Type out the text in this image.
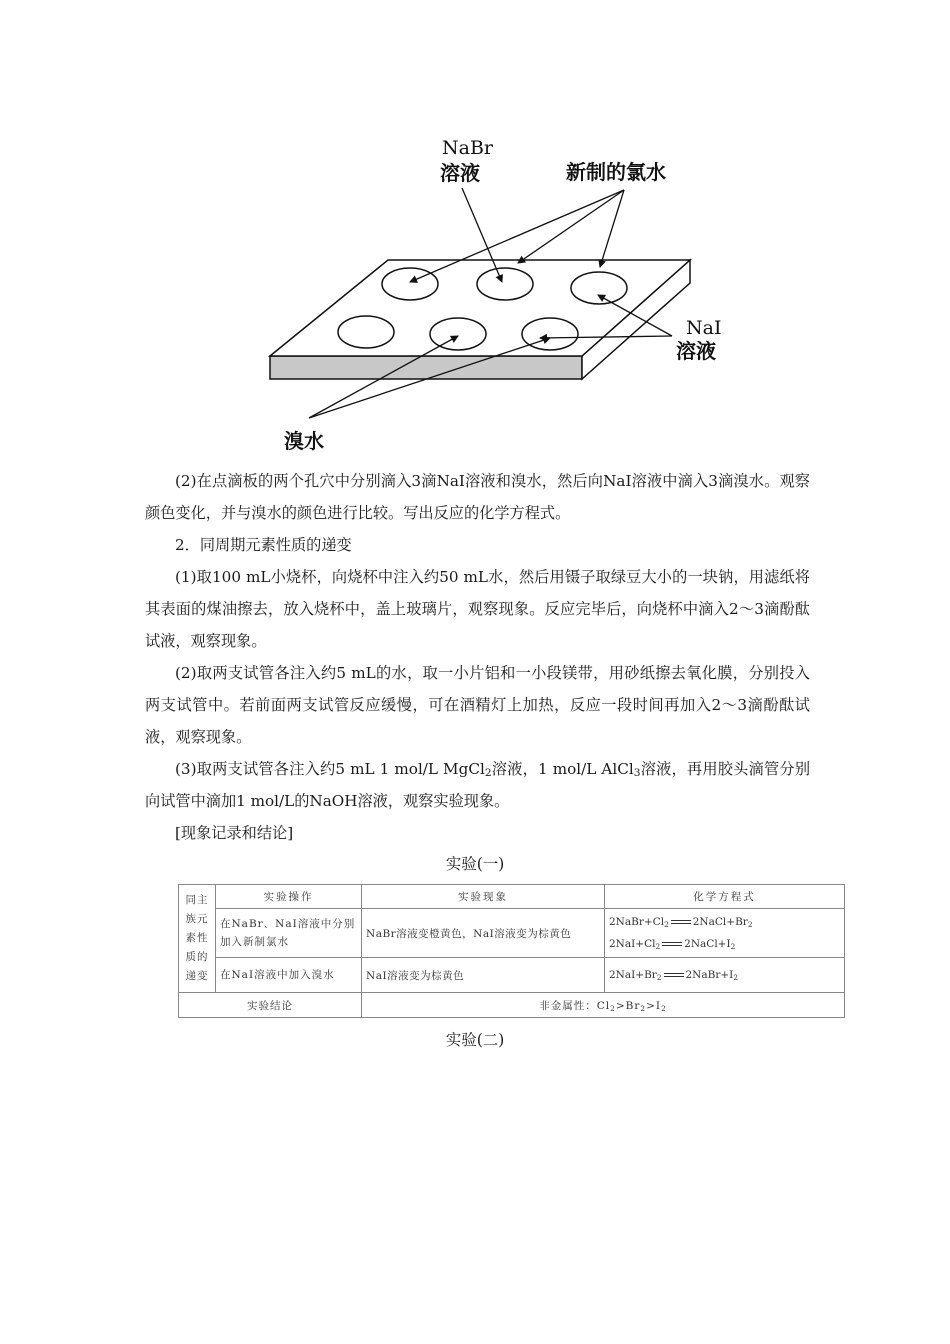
NaBr
溶液	新制的氯水
NaI
溶液
溴水

(2)在点滴板的两个孔穴中分别滴入3滴NaI溶液和溴水，然后向NaI溶液中滴入3滴溴水。观察颜色变化，并与溴水的颜色进行比较。写出反应的化学方程式。

2．同周期元素性质的递变

(1)取100 mL小烧杯，向烧杯中注入约50 mL水，然后用镊子取绿豆大小的一块钠，用滤纸将其表面的煤油擦去，放入烧杯中，盖上玻璃片，观察现象。反应完毕后，向烧杯中滴入2～3滴酚酞试液，观察现象。

(2)取两支试管各注入约5 mL的水，取一小片铝和一小段镁带，用砂纸擦去氧化膜，分别投入两支试管中。若前面两支试管反应缓慢，可在酒精灯上加热，反应一段时间再加入2～3滴酚酞试液，观察现象。

(3)取两支试管各注入约5 mL 1 mol/L MgCl$_2$溶液，1 mol/L AlCl$_3$溶液，再用胶头滴管分别向试管中滴加1 mol/L的NaOH溶液，观察实验现象。

[现象记录和结论]

实验(一)
同主
族元
素性
质的
递变	实验操作	实验现象	化学方程式
	在NaBr、NaI溶液中分别加入新制氯水	NaBr溶液变橙黄色，NaI溶液变为棕黄色	$2NaBr+Cl_2$ $2NaCl+Br_2$
$2NaI+Cl_2$ $2NaCl+I_2$

	在NaI溶液中加入溴水	NaI溶液变为棕黄色	$2NaI+Br_2$ $2NaBr+I_2$

实验结论		非金属性：$Cl_2>Br_2>I_2$
实验(二)
